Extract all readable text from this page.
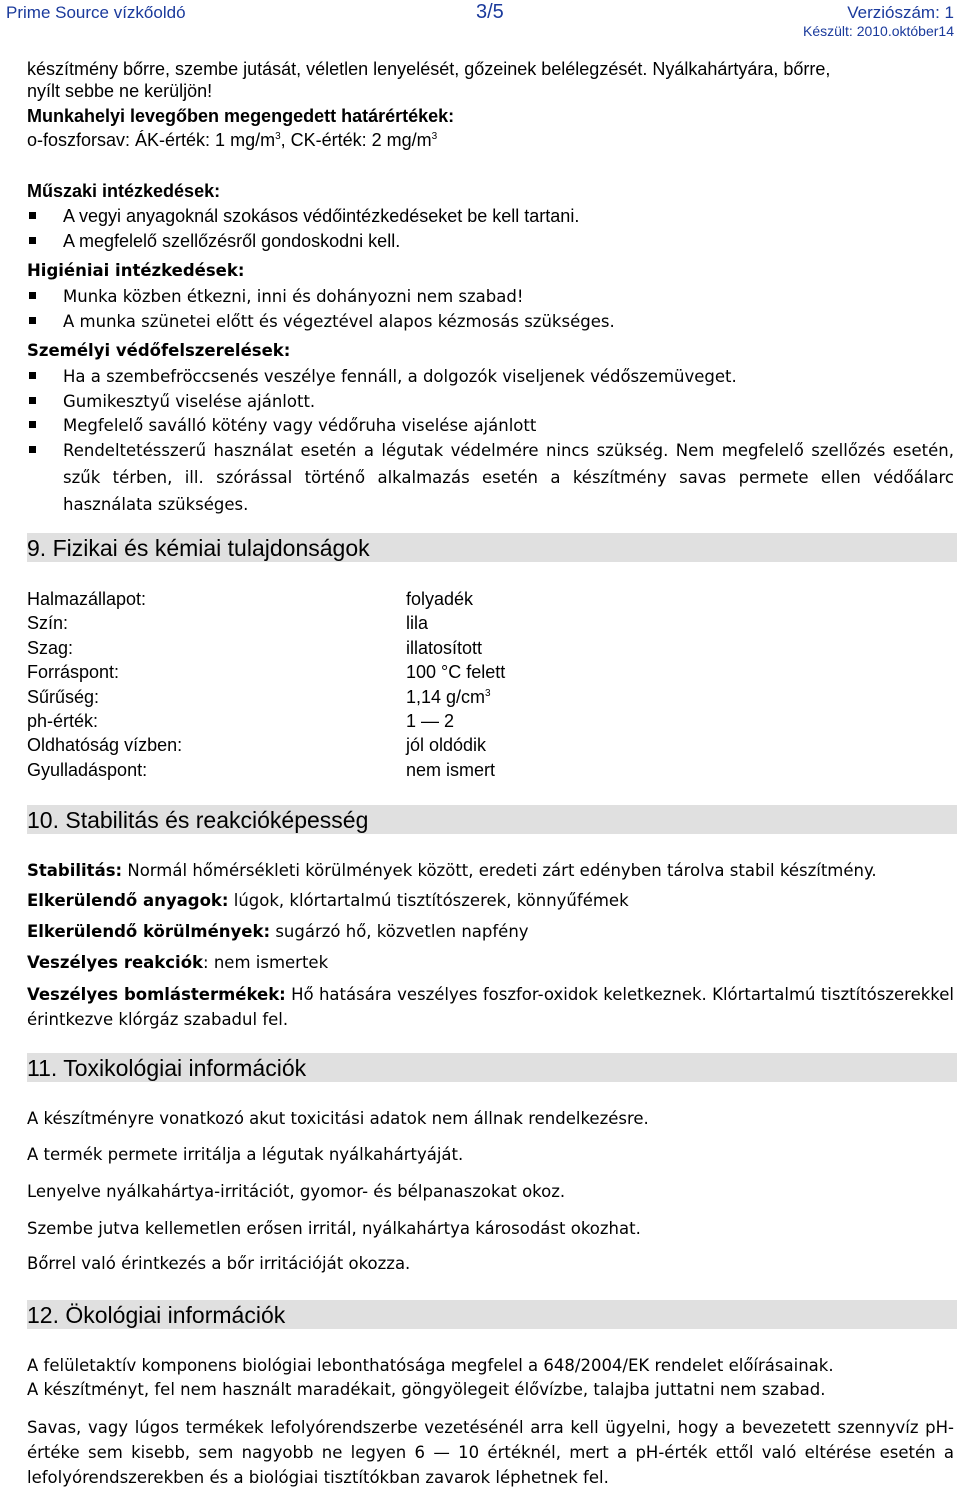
Prime Source vízkőoldó	3/5	Verziószám: 1
Készült: 2010.október14
készítmény bőrre, szembe jutását, véletlen lenyelését, gőzeinek belélegzését. Nyálkahártyára, bőrre,
nyílt sebbe ne kerüljön!
Munkahelyi levegőben megengedett határértékek:
o-foszforsav: ÁK-érték: 1 $mg/m^3$, CK-érték: 2 $mg/m^3$
Műszaki intézkedések:
A vegyi anyagoknál szokásos védőintézkedéseket be kell tartani.
A megfelelő szellőzésről gondoskodni kell.
Higiéniai intézkedések:
Munka közben étkezni, inni és dohányozni nem szabad!
A munka szünetei előtt és végeztével alapos kézmosás szükséges.
Személyi védőfelszerelések:
Ha a szembefröccsenés veszélye fennáll, a dolgozók viseljenek védőszemüveget.
Gumikesztyű viselése ajánlott.
Megfelelő saválló kötény vagy védőruha viselése ajánlott
Rendeltetésszerű használat esetén a légutak védelmére nincs szükség. Nem megfelelő szellőzés esetén, szűk térben, ill. szórással történő alkalmazás esetén a készítmény savas permete ellen védőálarc használata szükséges.
9. Fizikai és kémiai tulajdonságok
Halmazállapot:	folyadék
Szín:	lila
Szag:	illatosított
Forráspont:	100 °C felett
Sűrűség:	1,14 $g/cm^3$
ph-érték:	1 — 2
Oldhatóság vízben:	jól oldódik
Gyulladáspont:	nem ismert
10. Stabilitás és reakcióképesség
Stabilitás: Normál hőmérsékleti körülmények között, eredeti zárt edényben tárolva stabil készítmény.
Elkerülendő anyagok: lúgok, klórtartalmú tisztítószerek, könnyűfémek
Elkerülendő körülmények: sugárzó hő, közvetlen napfény
Veszélyes reakciók: nem ismertek
Veszélyes bomlástermékek: Hő hatására veszélyes foszfor-oxidok keletkeznek. Klórtartalmú tisztítószerekkel érintkezve klórgáz szabadul fel.
11. Toxikológiai információk
A készítményre vonatkozó akut toxicitási adatok nem állnak rendelkezésre.
A termék permete irritálja a légutak nyálkahártyáját.
Lenyelve nyálkahártya-irritációt, gyomor- és bélpanaszokat okoz.
Szembe jutva kellemetlen erősen irritál, nyálkahártya károsodást okozhat.
Bőrrel való érintkezés a bőr irritációját okozza.
12. Ökológiai információk
A felületaktív komponens biológiai lebonthatósága megfelel a 648/2004/EK rendelet előírásainak.
A készítményt, fel nem használt maradékait, göngyölegeit élővízbe, talajba juttatni nem szabad.
Savas, vagy lúgos termékek lefolyórendszerbe vezetésénél arra kell ügyelni, hogy a bevezetett szennyvíz pH-értéke sem kisebb, sem nagyobb ne legyen 6 — 10 értéknél, mert a pH-érték ettől való eltérése esetén a lefolyórendszerekben és a biológiai tisztítókban zavarok léphetnek fel.
